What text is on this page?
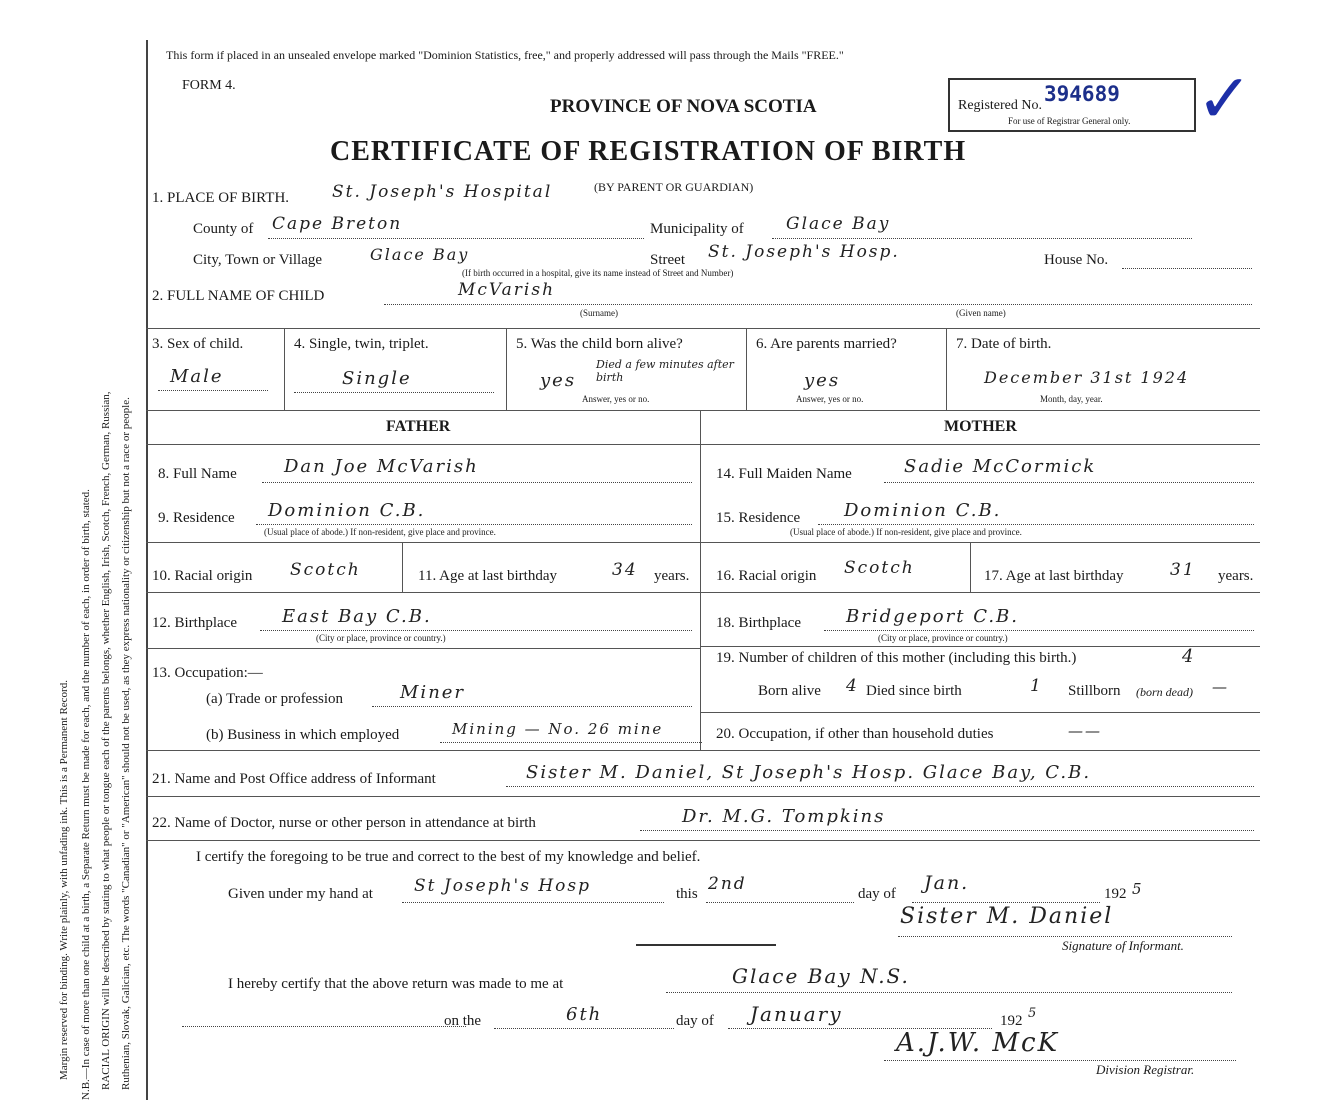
Margin reserved for binding. Write plainly, with unfading ink. This is a Permanent Record. N.B.—In case of more than one child at a birth, a Separate Return must be made for each, and the number of each, in order of birth, stated. RACIAL ORIGIN will be described by stating to what people or tongue each of the parents belongs, whether English, Irish, Scotch, French, German, Russian, Ruthenian, Slovak, Galician, etc. The words "Canadian" or "American" should not be used, as they express nationality or citizenship but not a race or people.
This form if placed in an unsealed envelope marked "Dominion Statistics, free," and properly addressed will pass through the Mails "FREE."
FORM 4.
PROVINCE OF NOVA SCOTIA	Registered No. 394689
For use of Registrar General only. ✓
CERTIFICATE OF REGISTRATION OF BIRTH
1. PLACE OF BIRTH.	St. Joseph's Hospital	(BY PARENT OR GUARDIAN)
County of Cape Breton	Municipality of Glace Bay
City, Town or Village	Glace Bay	Street St. Joseph's Hosp.
(If birth occurred in a hospital, give its name instead of Street and Number)
House No.
2. FULL NAME OF CHILD	McVarish
(Surname)	(Given name)
3. Sex of child.
Male
4. Single, twin, triplet.
Single
5. Was the child born alive?
yes
Died a few minutes after birth
Answer, yes or no.
6. Are parents married?
yes
Answer, yes or no.
7. Date of birth.
December 31st 1924
Month, day, year.
FATHER	MOTHER
8. Full Name	Dan Joe McVarish
9. Residence Dominion C.B.
(Usual place of abode.) If non-resident, give place and province.
10. Racial origin Scotch	11. Age at last birthday	34 years.
12. Birthplace	East Bay C.B.
(City or place, province or country.)
13. Occupation:—
(a) Trade or profession	Miner
(b) Business in which employed	Mining — No. 26 mine
14. Full Maiden Name	Sadie McCormick
15. Residence Dominion C.B.
(Usual place of abode.) If non-resident, give place and province.
16. Racial origin Scotch	17. Age at last birthday	31 years.
18. Birthplace	Bridgeport C.B.
(City or place, province or country.)
19. Number of children of this mother (including this birth.)	4
Born alive 4 Died since birth	1 Stillborn (born dead) —
20. Occupation, if other than household duties	——
21. Name and Post Office address of Informant	Sister M. Daniel, St Joseph's Hosp. Glace Bay, C.B.
22. Name of Doctor, nurse or other person in attendance at birth	Dr. M.G. Tompkins
I certify the foregoing to be true and correct to the best of my knowledge and belief.
Given under my hand at St Joseph's Hosp	this 2nd	day of Jan.	192 5
Sister M. Daniel
Signature of Informant.
I hereby certify that the above return was made to me at	Glace Bay N.S.
on the	6th	day of January	192 5
A.J.W. McK
Division Registrar.
